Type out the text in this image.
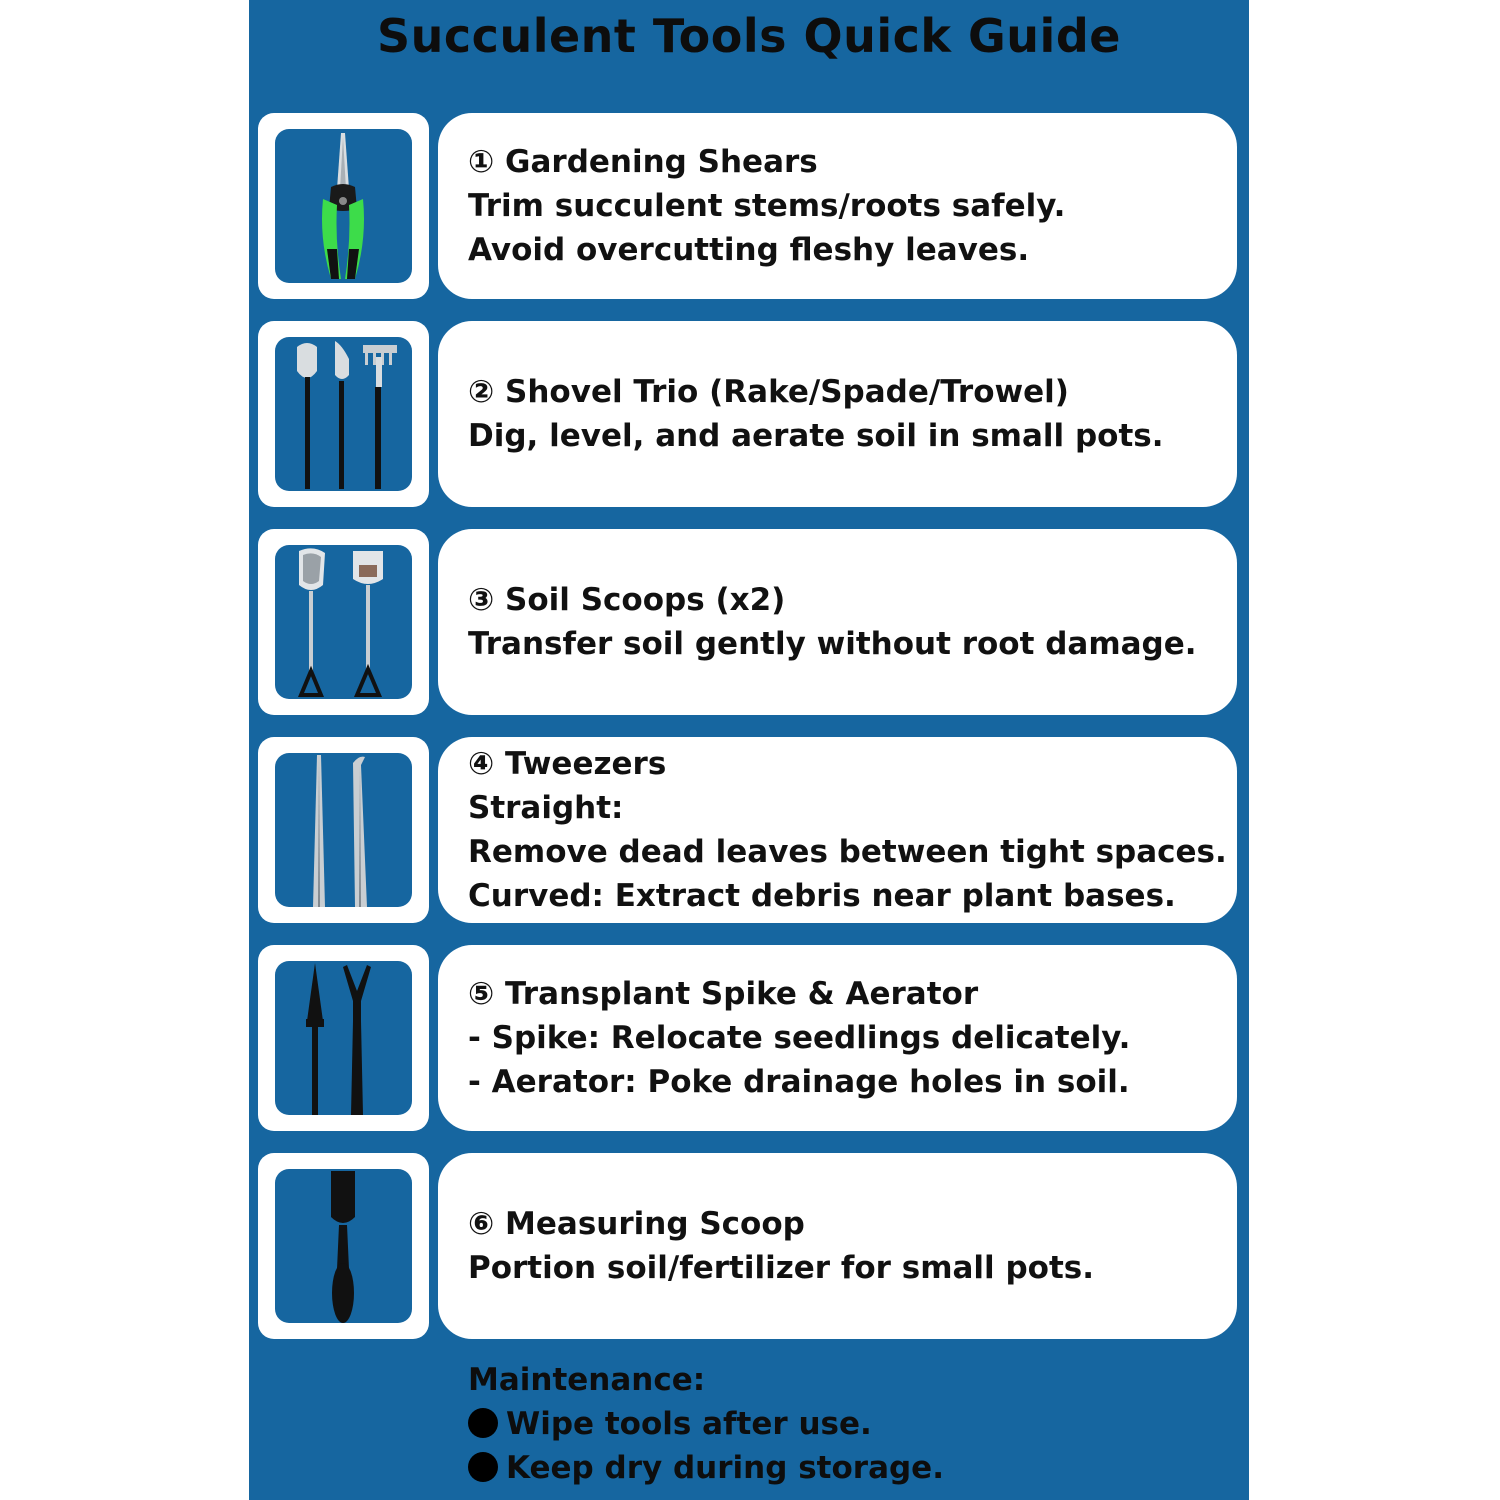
Succulent Tools Quick Guide
① Gardening Shears
Trim succulent stems/roots safely.
Avoid overcutting fleshy leaves.
② Shovel Trio (Rake/Spade/Trowel)
Dig, level, and aerate soil in small pots.
③ Soil Scoops (x2)
Transfer soil gently without root damage.
④ Tweezers
Straight:
Remove dead leaves between tight spaces.
Curved: Extract debris near plant bases.
⑤ Transplant Spike & Aerator
- Spike: Relocate seedlings delicately.
- Aerator: Poke drainage holes in soil.
⑥ Measuring Scoop
Portion soil/fertilizer for small pots.
Maintenance:
Wipe tools after use.
Keep dry during storage.
